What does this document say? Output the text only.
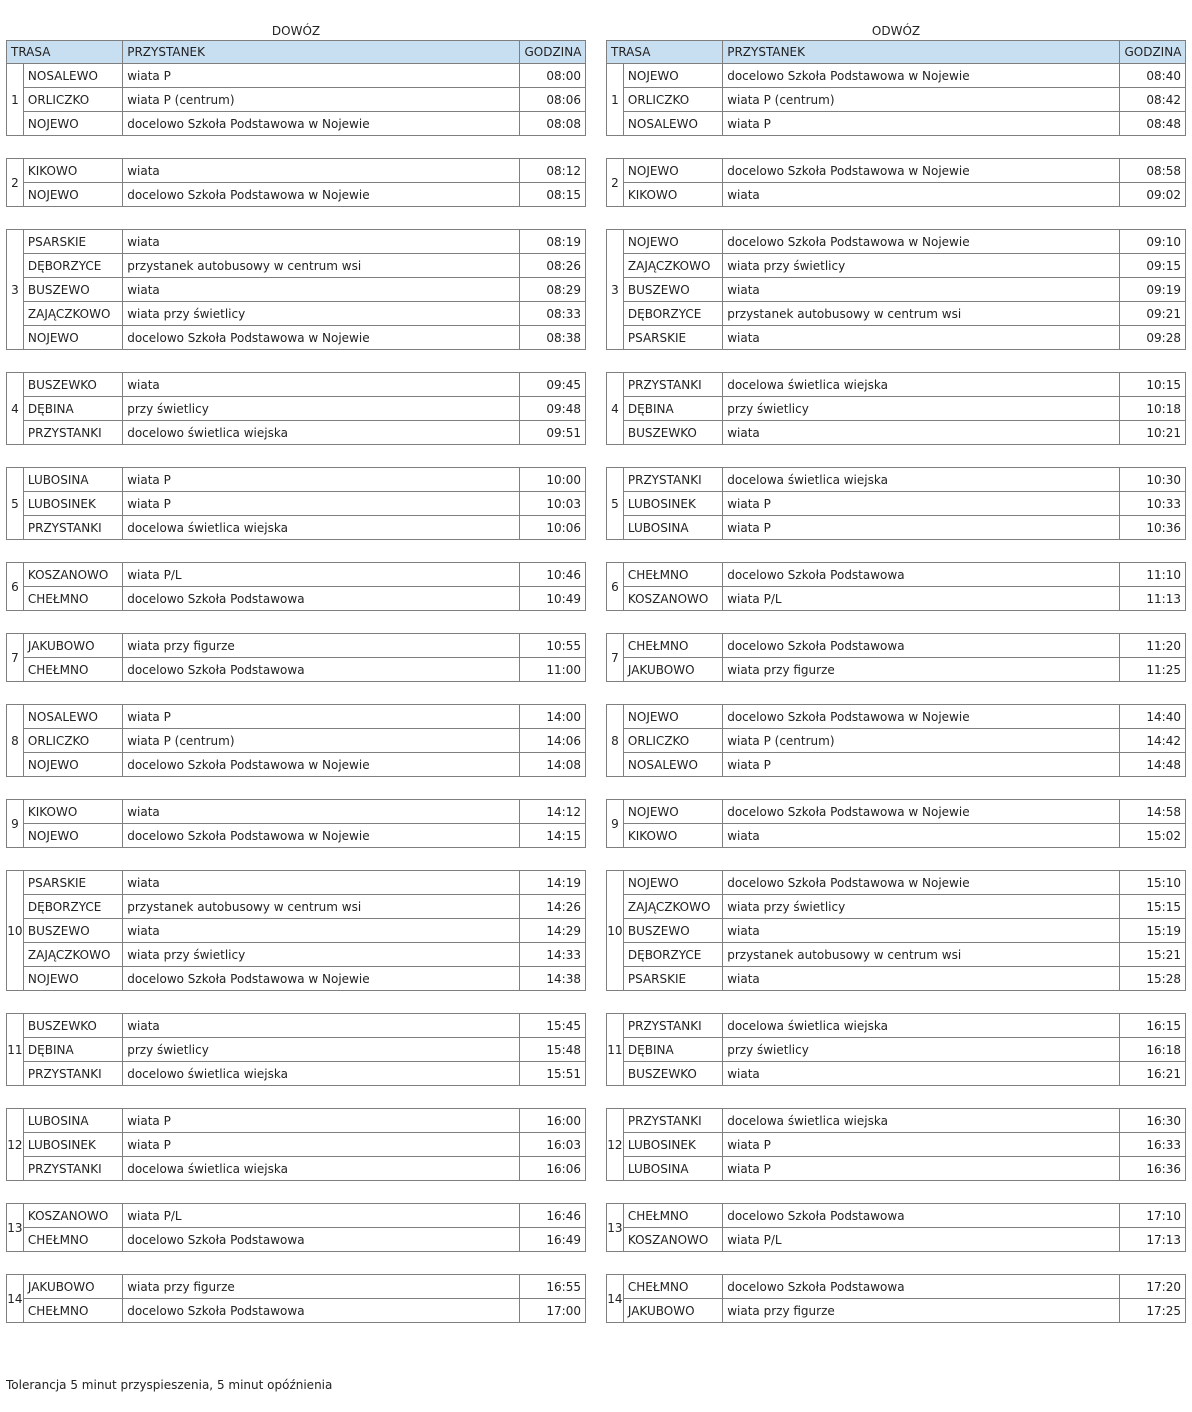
DOWÓZ
TRASA		PRZYSTANEK	GODZINA
1	NOSALEWO	wiata P	08:00
	ORLICZKO	wiata P (centrum)	08:06
	NOJEWO	docelowo Szkoła Podstawowa w Nojewie	08:08

2	KIKOWO	wiata	08:12
	NOJEWO	docelowo Szkoła Podstawowa w Nojewie	08:15

3	PSARSKIE	wiata	08:19
	DĘBORZYCE	przystanek autobusowy w centrum wsi	08:26
	BUSZEWO	wiata	08:29
	ZAJĄCZKOWO	wiata przy świetlicy	08:33
	NOJEWO	docelowo Szkoła Podstawowa w Nojewie	08:38

4	BUSZEWKO	wiata	09:45
	DĘBINA	przy świetlicy	09:48
	PRZYSTANKI	docelowo świetlica wiejska	09:51

5	LUBOSINA	wiata P	10:00
	LUBOSINEK	wiata P	10:03
	PRZYSTANKI	docelowa świetlica wiejska	10:06

6	KOSZANOWO	wiata P/L	10:46
	CHEŁMNO	docelowo Szkoła Podstawowa	10:49

7	JAKUBOWO	wiata przy figurze	10:55
	CHEŁMNO	docelowo Szkoła Podstawowa	11:00

8	NOSALEWO	wiata P	14:00
	ORLICZKO	wiata P (centrum)	14:06
	NOJEWO	docelowo Szkoła Podstawowa w Nojewie	14:08

9	KIKOWO	wiata	14:12
	NOJEWO	docelowo Szkoła Podstawowa w Nojewie	14:15

10	PSARSKIE	wiata	14:19
	DĘBORZYCE	przystanek autobusowy w centrum wsi	14:26
	BUSZEWO	wiata	14:29
	ZAJĄCZKOWO	wiata przy świetlicy	14:33
	NOJEWO	docelowo Szkoła Podstawowa w Nojewie	14:38

11	BUSZEWKO	wiata	15:45
	DĘBINA	przy świetlicy	15:48
	PRZYSTANKI	docelowo świetlica wiejska	15:51

12	LUBOSINA	wiata P	16:00
	LUBOSINEK	wiata P	16:03
	PRZYSTANKI	docelowa świetlica wiejska	16:06

13	KOSZANOWO	wiata P/L	16:46
	CHEŁMNO	docelowo Szkoła Podstawowa	16:49

14	JAKUBOWO	wiata przy figurze	16:55
	CHEŁMNO	docelowo Szkoła Podstawowa	17:00
ODWÓZ
TRASA		PRZYSTANEK	GODZINA
1	NOJEWO	docelowo Szkoła Podstawowa w Nojewie	08:40
	ORLICZKO	wiata P (centrum)	08:42
	NOSALEWO	wiata P	08:48

2	NOJEWO	docelowo Szkoła Podstawowa w Nojewie	08:58
	KIKOWO	wiata	09:02

3	NOJEWO	docelowo Szkoła Podstawowa w Nojewie	09:10
	ZAJĄCZKOWO	wiata przy świetlicy	09:15
	BUSZEWO	wiata	09:19
	DĘBORZYCE	przystanek autobusowy w centrum wsi	09:21
	PSARSKIE	wiata	09:28

4	PRZYSTANKI	docelowa świetlica wiejska	10:15
	DĘBINA	przy świetlicy	10:18
	BUSZEWKO	wiata	10:21

5	PRZYSTANKI	docelowa świetlica wiejska	10:30
	LUBOSINEK	wiata P	10:33
	LUBOSINA	wiata P	10:36

6	CHEŁMNO	docelowo Szkoła Podstawowa	11:10
	KOSZANOWO	wiata P/L	11:13

7	CHEŁMNO	docelowo Szkoła Podstawowa	11:20
	JAKUBOWO	wiata przy figurze	11:25

8	NOJEWO	docelowo Szkoła Podstawowa w Nojewie	14:40
	ORLICZKO	wiata P (centrum)	14:42
	NOSALEWO	wiata P	14:48

9	NOJEWO	docelowo Szkoła Podstawowa w Nojewie	14:58
	KIKOWO	wiata	15:02

10	NOJEWO	docelowo Szkoła Podstawowa w Nojewie	15:10
	ZAJĄCZKOWO	wiata przy świetlicy	15:15
	BUSZEWO	wiata	15:19
	DĘBORZYCE	przystanek autobusowy w centrum wsi	15:21
	PSARSKIE	wiata	15:28

11	PRZYSTANKI	docelowa świetlica wiejska	16:15
	DĘBINA	przy świetlicy	16:18
	BUSZEWKO	wiata	16:21

12	PRZYSTANKI	docelowa świetlica wiejska	16:30
	LUBOSINEK	wiata P	16:33
	LUBOSINA	wiata P	16:36

13	CHEŁMNO	docelowo Szkoła Podstawowa	17:10
	KOSZANOWO	wiata P/L	17:13

14	CHEŁMNO	docelowo Szkoła Podstawowa	17:20
	JAKUBOWO	wiata przy figurze	17:25
Tolerancja 5 minut przyspieszenia, 5 minut opóźnienia
